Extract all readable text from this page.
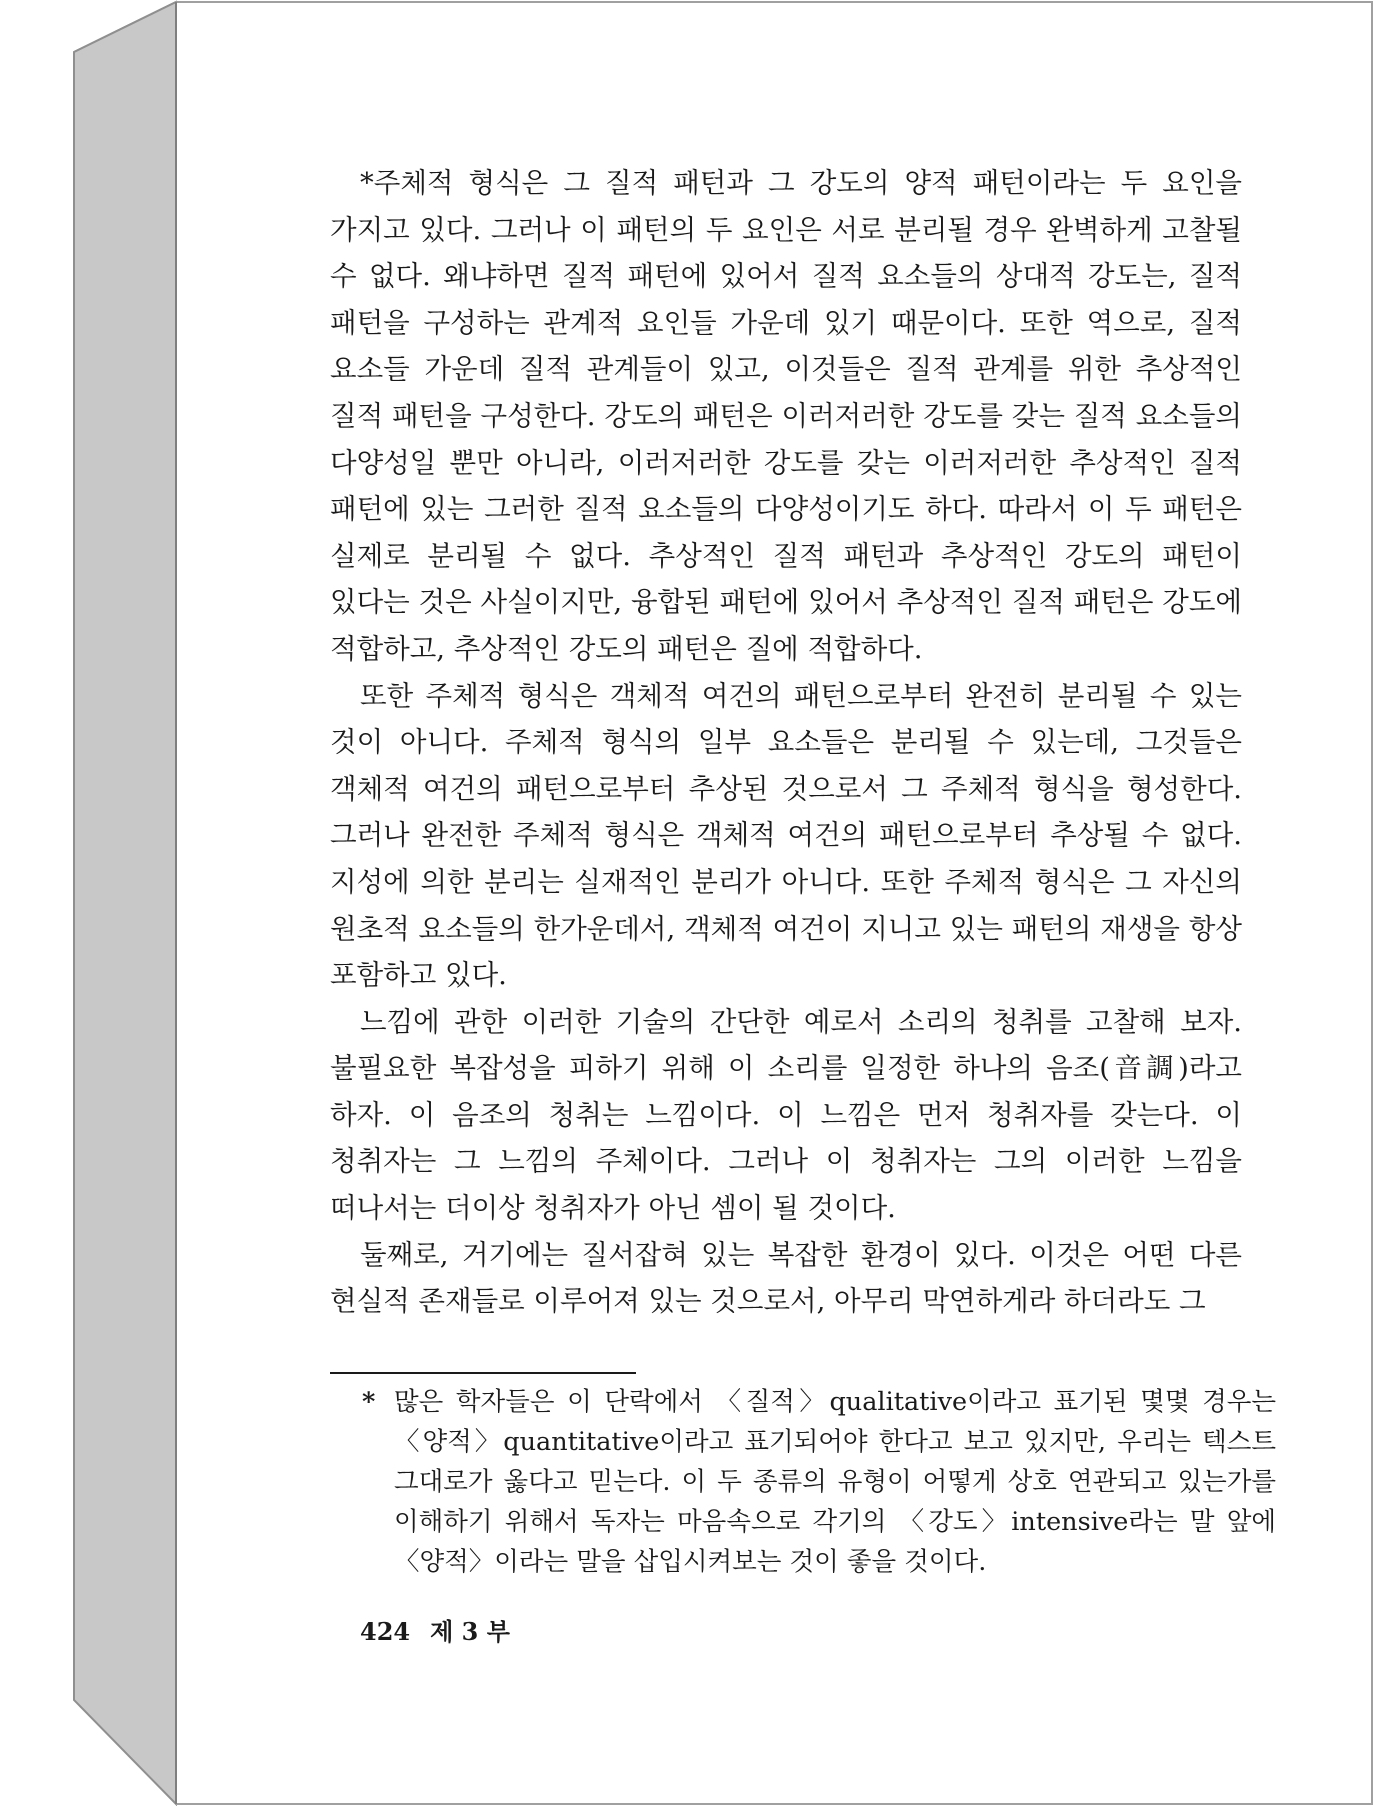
*주체적 형식은 그 질적 패턴과 그 강도의 양적 패턴이라는 두 요인을 가지고 있다. 그러나 이 패턴의 두 요인은 서로 분리될 경우 완벽하게 고찰될 수 없다. 왜냐하면 질적 패턴에 있어서 질적 요소들의 상대적 강도는, 질적 패턴을 구성하는 관계적 요인들 가운데 있기 때문이다. 또한 역으로, 질적 요소들 가운데 질적 관계들이 있고, 이것들은 질적 관계를 위한 추상적인 질적 패턴을 구성한다. 강도의 패턴은 이러저러한 강도를 갖는 질적 요소들의 다양성일 뿐만 아니라, 이러저러한 강도를 갖는 이러저러한 추상적인 질적 패턴에 있는 그러한 질적 요소들의 다양성이기도 하다. 따라서 이 두 패턴은 실제로 분리될 수 없다. 추상적인 질적 패턴과 추상적인 강도의 패턴이 있다는 것은 사실이지만, 융합된 패턴에 있어서 추상적인 질적 패턴은 강도에 적합하고, 추상적인 강도의 패턴은 질에 적합하다.

또한 주체적 형식은 객체적 여건의 패턴으로부터 완전히 분리될 수 있는 것이 아니다. 주체적 형식의 일부 요소들은 분리될 수 있는데, 그것들은 객체적 여건의 패턴으로부터 추상된 것으로서 그 주체적 형식을 형성한다. 그러나 완전한 주체적 형식은 객체적 여건의 패턴으로부터 추상될 수 없다. 지성에 의한 분리는 실재적인 분리가 아니다. 또한 주체적 형식은 그 자신의 원초적 요소들의 한가운데서, 객체적 여건이 지니고 있는 패턴의 재생을 항상 포함하고 있다.

느낌에 관한 이러한 기술의 간단한 예로서 소리의 청취를 고찰해 보자. 불필요한 복잡성을 피하기 위해 이 소리를 일정한 하나의 음조(音調)라고 하자. 이 음조의 청취는 느낌이다. 이 느낌은 먼저 청취자를 갖는다. 이 청취자는 그 느낌의 주체이다. 그러나 이 청취자는 그의 이러한 느낌을 떠나서는 더이상 청취자가 아닌 셈이 될 것이다.

둘째로, 거기에는 질서잡혀 있는 복잡한 환경이 있다. 이것은 어떤 다른 현실적 존재들로 이루어져 있는 것으로서, 아무리 막연하게라 하더라도 그

* 많은 학자들은 이 단락에서 〈질적〉qualitative이라고 표기된 몇몇 경우는 〈양적〉quantitative이라고 표기되어야 한다고 보고 있지만, 우리는 텍스트 그대로가 옳다고 믿는다. 이 두 종류의 유형이 어떻게 상호 연관되고 있는가를 이해하기 위해서 독자는 마음속으로 각기의 〈강도〉intensive라는 말 앞에 〈양적〉이라는 말을 삽입시켜보는 것이 좋을 것이다.
424 제 3 부
